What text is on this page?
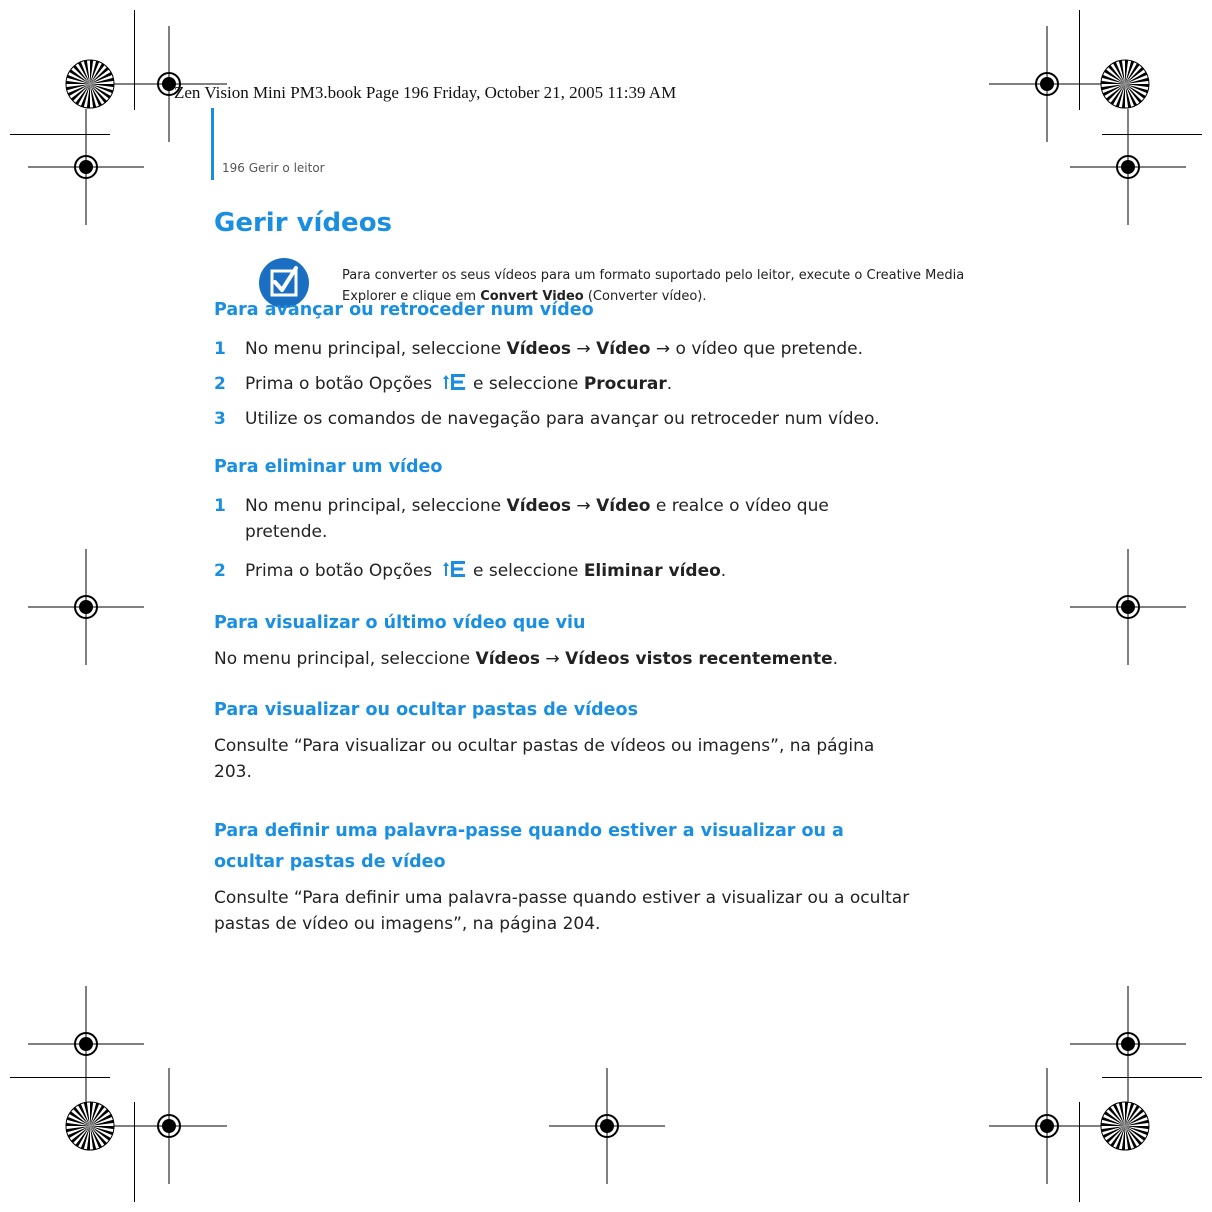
Zen Vision Mini PM3.book Page 196 Friday, October 21, 2005 11:39 AM
196 Gerir o leitor
Gerir vídeos
Para converter os seus vídeos para um formato suportado pelo leitor, execute o Creative Media Explorer e clique em Convert Video (Converter vídeo).
Para avançar ou retroceder num vídeo
1 No menu principal, seleccione Vídeos → Vídeo → o vídeo que pretende.
2 Prima o botão Opções  e seleccione Procurar.
3 Utilize os comandos de navegação para avançar ou retroceder num vídeo.
Para eliminar um vídeo
1 No menu principal, seleccione Vídeos → Vídeo e realce o vídeo que pretende.
2 Prima o botão Opções  e seleccione Eliminar vídeo.
Para visualizar o último vídeo que viu
No menu principal, seleccione Vídeos → Vídeos vistos recentemente.
Para visualizar ou ocultar pastas de vídeos
Consulte “Para visualizar ou ocultar pastas de vídeos ou imagens”, na página 203.
Para definir uma palavra-passe quando estiver a visualizar ou a
ocultar pastas de vídeo
Consulte “Para definir uma palavra-passe quando estiver a visualizar ou a ocultar pastas de vídeo ou imagens”, na página 204.
